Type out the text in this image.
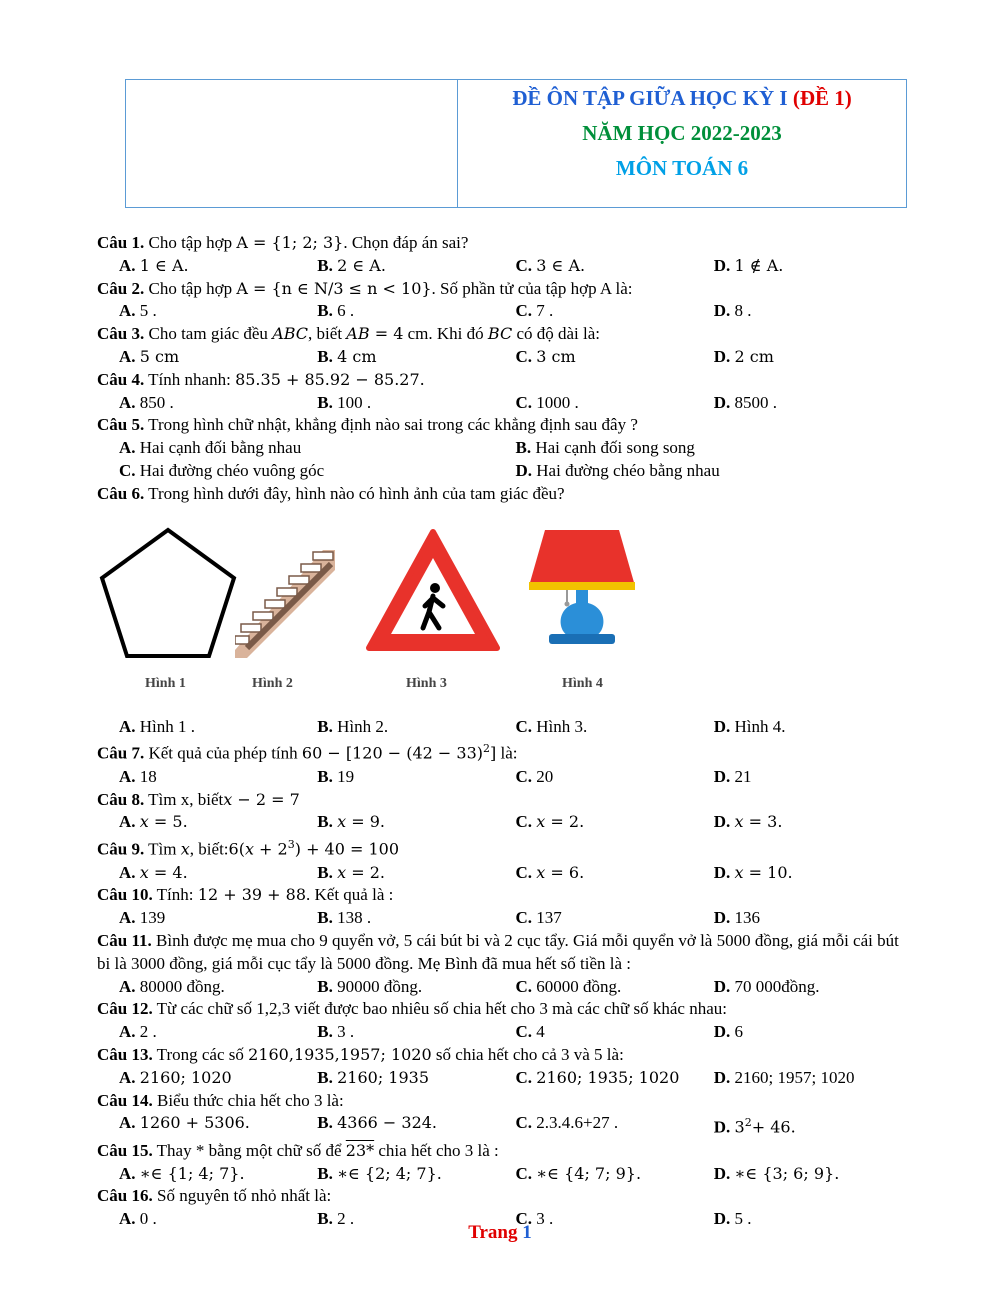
ĐỀ ÔN TẬP GIỮA HỌC KỲ I (ĐỀ 1)
NĂM HỌC 2022-2023
MÔN TOÁN 6
Câu 1. Cho tập hợp A = {1; 2; 3}. Chọn đáp án sai?
A. 1 ∈ A.	B. 2 ∈ A.	C. 3 ∈ A.	D. 1 ∉ A.
Câu 2. Cho tập hợp A = {n ∈ N/3 ≤ n < 10}. Số phần tử của tập hợp A là:
A. 5 .	B. 6 .	C. 7 .	D. 8 .
Câu 3. Cho tam giác đều ABC, biết AB = 4 cm. Khi đó BC có độ dài là:
A. 5 cm	B. 4 cm	C. 3 cm	D. 2 cm
Câu 4. Tính nhanh: 85.35 + 85.92 − 85.27.
A. 850 .	B. 100 .	C. 1000 .	D. 8500 .
Câu 5. Trong hình chữ nhật, khẳng định nào sai trong các khẳng định sau đây ?
A. Hai cạnh đối bằng nhau	B. Hai cạnh đối song song
C. Hai đường chéo vuông góc	D. Hai đường chéo bằng nhau
Câu 6. Trong hình dưới đây, hình nào có hình ảnh của tam giác đều?
Hình 1	Hình 2	Hình 3	Hình 4
A. Hình 1 .	B. Hình 2.	C. Hình 3.	D. Hình 4.
Câu 7. Kết quả của phép tính $60 - [120 - (42 - 33)^2]$ là:
A. 18	B. 19	C. 20	D. 21
Câu 8. Tìm x, biếtx − 2 = 7
A. x = 5.	B. x = 9.	C. x = 2.	D. x = 3.
Câu 9. Tìm x, biết:6(x + $2^3) + 40 = 100$
A. x = 4.	B. x = 2.	C. x = 6.	D. x = 10.
Câu 10. Tính: 12 + 39 + 88. Kết quả là :
A. 139	B. 138 .	C. 137	D. 136
Câu 11. Bình được mẹ mua cho 9 quyển vở, 5 cái bút bi và 2 cục tẩy. Giá mỗi quyển vở là 5000 đồng, giá mỗi cái bút bi là 3000 đồng, giá mỗi cục tẩy là 5000 đồng. Mẹ Bình đã mua hết số tiền là :
A. 80000 đồng.	B. 90000 đồng.	C. 60000 đồng.	D. 70 000đồng.
Câu 12. Từ các chữ số 1,2,3 viết được bao nhiêu số chia hết cho 3 mà các chữ số khác nhau:
A. 2 .	B. 3 .	C. 4	D. 6
Câu 13. Trong các số 2160,1935,1957; 1020 số chia hết cho cả 3 và 5 là:
A. 2160; 1020	B. 2160; 1935	C. 2160; 1935; 1020	D. 2160; 1957; 1020
Câu 14. Biểu thức chia hết cho 3 là:
A. 1260 + 5306.	B. 4366 − 324.	C. 2.3.4.6+27 .	D. $3^2+ 46$.
Câu 15. Thay * bằng một chữ số để 23* chia hết cho 3 là :
A. ∗∈ {1; 4; 7}.	B. ∗∈ {2; 4; 7}.	C. ∗∈ {4; 7; 9}.	D. ∗∈ {3; 6; 9}.
Câu 16. Số nguyên tố nhỏ nhất là:
A. 0 .	B. 2 .	C. 3 .	D. 5 .
Trang 1
